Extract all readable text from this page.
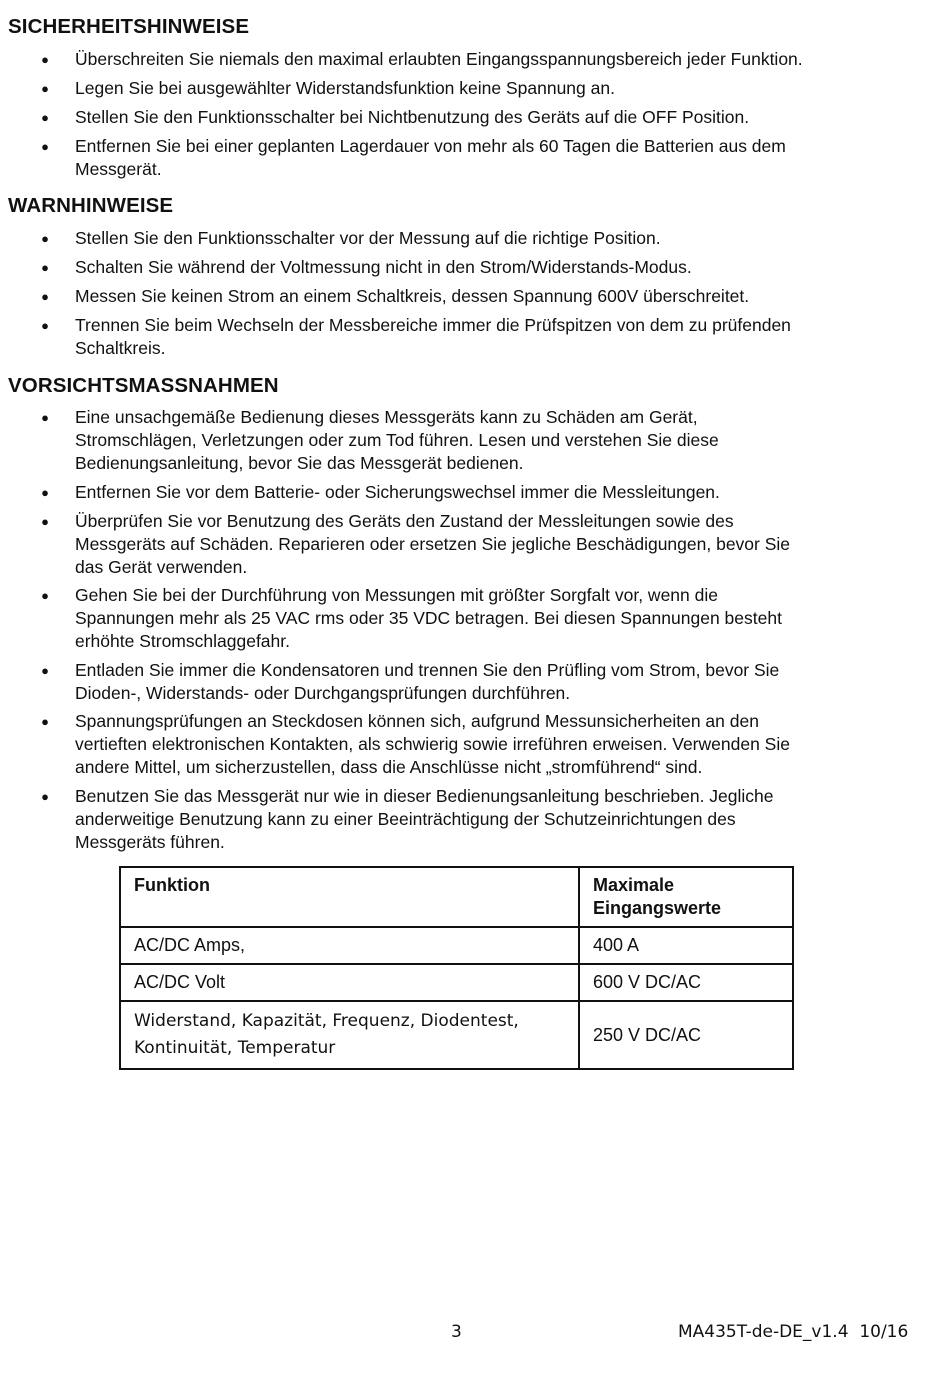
SICHERHEITSHINWEISE
● Überschreiten Sie niemals den maximal erlaubten Eingangsspannungsbereich jeder Funktion.
● Legen Sie bei ausgewählter Widerstandsfunktion keine Spannung an.
● Stellen Sie den Funktionsschalter bei Nichtbenutzung des Geräts auf die OFF Position.
● Entfernen Sie bei einer geplanten Lagerdauer von mehr als 60 Tagen die Batterien aus dem
Messgerät.
WARNHINWEISE
● Stellen Sie den Funktionsschalter vor der Messung auf die richtige Position.
● Schalten Sie während der Voltmessung nicht in den Strom/Widerstands-Modus.
● Messen Sie keinen Strom an einem Schaltkreis, dessen Spannung 600V überschreitet.
● Trennen Sie beim Wechseln der Messbereiche immer die Prüfspitzen von dem zu prüfenden
Schaltkreis.
VORSICHTSMASSNAHMEN
● Eine unsachgemäße Bedienung dieses Messgeräts kann zu Schäden am Gerät,
Stromschlägen, Verletzungen oder zum Tod führen. Lesen und verstehen Sie diese
Bedienungsanleitung, bevor Sie das Messgerät bedienen.
● Entfernen Sie vor dem Batterie- oder Sicherungswechsel immer die Messleitungen.
● Überprüfen Sie vor Benutzung des Geräts den Zustand der Messleitungen sowie des
Messgeräts auf Schäden. Reparieren oder ersetzen Sie jegliche Beschädigungen, bevor Sie
das Gerät verwenden.
● Gehen Sie bei der Durchführung von Messungen mit größter Sorgfalt vor, wenn die
Spannungen mehr als 25 VAC rms oder 35 VDC betragen. Bei diesen Spannungen besteht
erhöhte Stromschlaggefahr.
● Entladen Sie immer die Kondensatoren und trennen Sie den Prüfling vom Strom, bevor Sie
Dioden-, Widerstands- oder Durchgangsprüfungen durchführen.
● Spannungsprüfungen an Steckdosen können sich, aufgrund Messunsicherheiten an den
vertieften elektronischen Kontakten, als schwierig sowie irreführen erweisen. Verwenden Sie
andere Mittel, um sicherzustellen, dass die Anschlüsse nicht „stromführend“ sind.
● Benutzen Sie das Messgerät nur wie in dieser Bedienungsanleitung beschrieben. Jegliche
anderweitige Benutzung kann zu einer Beeinträchtigung der Schutzeinrichtungen des
Messgeräts führen.
Funktion	Maximale
Eingangswerte
AC/DC Amps,	400 A
AC/DC Volt	600 V DC/AC
Widerstand, Kapazität, Frequenz, Diodentest,
Kontinuität, Temperatur	250 V DC/AC
3	MA435T-de-DE_v1.4  10/16
